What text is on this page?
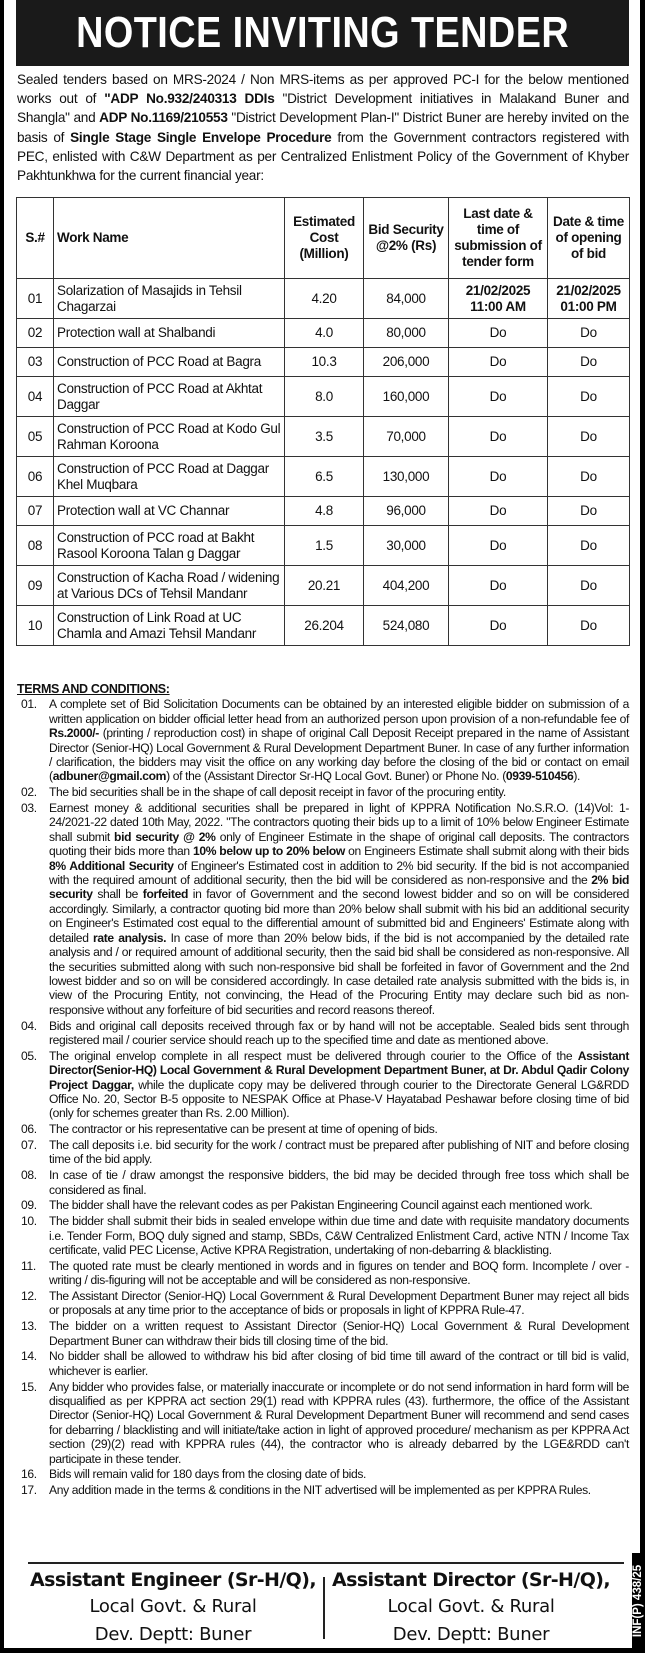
NOTICE INVITING TENDER
Sealed tenders based on MRS-2024 / Non MRS-items as per approved PC-I for the below mentioned works out of "ADP No.932/240313 DDIs "District Development initiatives in Malakand Buner and Shangla" and ADP No.1169/210553 "District Development Plan-I" District Buner are hereby invited on the basis of Single Stage Single Envelope Procedure from the Government contractors registered with PEC, enlisted with C&W Department as per Centralized Enlistment Policy of the Government of Khyber Pakhtunkhwa for the current financial year:
S.#	Work Name	Estimated Cost (Million)	Bid Security @2% (Rs)	Last date & time of submission of tender form	Date & time of opening of bid
01	Solarization of Masajids in Tehsil Chagarzai	4.20	84,000	21/02/2025 11:00 AM	21/02/2025 01:00 PM
02	Protection wall at Shalbandi	4.0	80,000	Do	Do
03	Construction of PCC Road at Bagra	10.3	206,000	Do	Do
04	Construction of PCC Road at Akhtat Daggar	8.0	160,000	Do	Do
05	Construction of PCC Road at Kodo Gul Rahman Koroona	3.5	70,000	Do	Do
06	Construction of PCC Road at Daggar Khel Muqbara	6.5	130,000	Do	Do
07	Protection wall at VC Channar	4.8	96,000	Do	Do
08	Construction of PCC road at Bakht Rasool Koroona Talan g Daggar	1.5	30,000	Do	Do
09	Construction of Kacha Road / widening at Various DCs of Tehsil Mandanr	20.21	404,200	Do	Do
10	Construction of Link Road at UC Chamla and Amazi Tehsil Mandanr	26.204	524,080	Do	Do
TERMS AND CONDITIONS:
01.	A complete set of Bid Solicitation Documents can be obtained by an interested eligible bidder on submission of a written application on bidder official letter head from an authorized person upon provision of a non-refundable fee of Rs.2000/- (printing / reproduction cost) in shape of original Call Deposit Receipt prepared in the name of Assistant Director (Senior-HQ) Local Government & Rural Development Department Buner. In case of any further information / clarification, the bidders may visit the office on any working day before the closing of the bid or contact on email (adbuner@gmail.com) of the (Assistant Director Sr-HQ Local Govt. Buner) or Phone No. (0939-510456).
02.	The bid securities shall be in the shape of call deposit receipt in favor of the procuring entity.
03.	Earnest money & additional securities shall be prepared in light of KPPRA Notification No.S.R.O. (14)Vol: 1-24/2021-22 dated 10th May, 2022. "The contractors quoting their bids up to a limit of 10% below Engineer Estimate shall submit bid security @ 2% only of Engineer Estimate in the shape of original call deposits. The contractors quoting their bids more than 10% below up to 20% below on Engineers Estimate shall submit along with their bids 8% Additional Security of Engineer's Estimated cost in addition to 2% bid security. If the bid is not accompanied with the required amount of additional security, then the bid will be considered as non-responsive and the 2% bid security shall be forfeited in favor of Government and the second lowest bidder and so on will be considered accordingly. Similarly, a contractor quoting bid more than 20% below shall submit with his bid an additional security on Engineer's Estimated cost equal to the differential amount of submitted bid and Engineers' Estimate along with detailed rate analysis. In case of more than 20% below bids, if the bid is not accompanied by the detailed rate analysis and / or required amount of additional security, then the said bid shall be considered as non-responsive. All the securities submitted along with such non-responsive bid shall be forfeited in favor of Government and the 2nd lowest bidder and so on will be considered accordingly. In case detailed rate analysis submitted with the bids is, in view of the Procuring Entity, not convincing, the Head of the Procuring Entity may declare such bid as non-responsive without any forfeiture of bid securities and record reasons thereof.
04.	Bids and original call deposits received through fax or by hand will not be acceptable. Sealed bids sent through registered mail / courier service should reach up to the specified time and date as mentioned above.
05.	The original envelop complete in all respect must be delivered through courier to the Office of the Assistant Director(Senior-HQ) Local Government & Rural Development Department Buner, at Dr. Abdul Qadir Colony Project Daggar, while the duplicate copy may be delivered through courier to the Directorate General LG&RDD Office No. 20, Sector B-5 opposite to NESPAK Office at Phase-V Hayatabad Peshawar before closing time of bid (only for schemes greater than Rs. 2.00 Million).
06.	The contractor or his representative can be present at time of opening of bids.
07.	The call deposits i.e. bid security for the work / contract must be prepared after publishing of NIT and before closing time of the bid apply.
08.	In case of tie / draw amongst the responsive bidders, the bid may be decided through free toss which shall be considered as final.
09.	The bidder shall have the relevant codes as per Pakistan Engineering Council against each mentioned work.
10.	The bidder shall submit their bids in sealed envelope within due time and date with requisite mandatory documents i.e. Tender Form, BOQ duly signed and stamp, SBDs, C&W Centralized Enlistment Card, active NTN / Income Tax certificate, valid PEC License, Active KPRA Registration, undertaking of non-debarring & blacklisting.
11.	The quoted rate must be clearly mentioned in words and in figures on tender and BOQ form. Incomplete / over -writing / dis-figuring will not be acceptable and will be considered as non-responsive.
12.	The Assistant Director (Senior-HQ) Local Government & Rural Development Department Buner may reject all bids or proposals at any time prior to the acceptance of bids or proposals in light of KPPRA Rule-47.
13.	The bidder on a written request to Assistant Director (Senior-HQ) Local Government & Rural Development Department Buner can withdraw their bids till closing time of the bid.
14.	No bidder shall be allowed to withdraw his bid after closing of bid time till award of the contract or till bid is valid, whichever is earlier.
15.	Any bidder who provides false, or materially inaccurate or incomplete or do not send information in hard form will be disqualified as per KPPRA act section 29(1) read with KPPRA rules (43). furthermore, the office of the Assistant Director (Senior-HQ) Local Government & Rural Development Department Buner will recommend and send cases for debarring / blacklisting and will initiate/take action in light of approved procedure/ mechanism as per KPPRA Act section (29)(2) read with KPPRA rules (44), the contractor who is already debarred by the LGE&RDD can't participate in these tender.
16.	Bids will remain valid for 180 days from the closing date of bids.
17.	Any addition made in the terms & conditions in the NIT advertised will be implemented as per KPPRA Rules.
Assistant Engineer (Sr-H/Q),
Local Govt. & Rural
Dev. Deptt: Buner
Assistant Director (Sr-H/Q),
Local Govt. & Rural
Dev. Deptt: Buner	INF(P) 438/25
